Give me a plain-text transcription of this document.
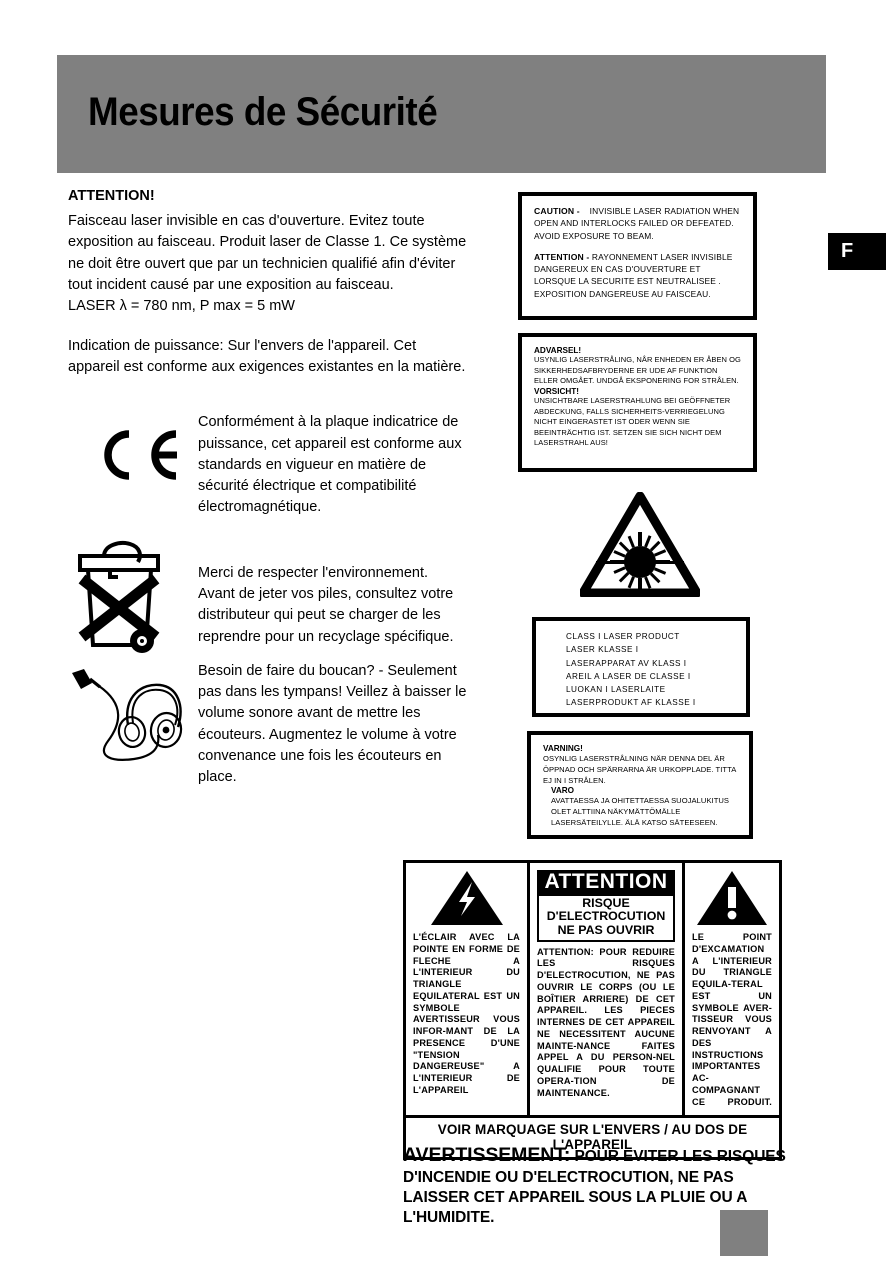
Mesures de Sécurité
F
ATTENTION!

Faisceau laser invisible en cas d'ouverture. Evitez toute exposition au faisceau. Produit laser de Classe 1. Ce système ne doit être ouvert que par un technicien qualifié afin d'éviter tout incident causé par une exposition au faisceau.

LASER λ = 780 nm, P max = 5 mW

Indication de puissance: Sur l'envers de l'appareil. Cet appareil est conforme aux exigences existantes en la matière.

Conformément à la plaque indicatrice de puissance, cet appareil est conforme aux standards en vigueur en matière de sécurité électrique et compatibilité électromagnétique.
Merci de respecter l'environnement. Avant de jeter vos piles, consultez votre distributeur qui peut se charger de les reprendre pour un recyclage spécifique.
Besoin de faire du boucan? - Seulement pas dans les tympans! Veillez à baisser le volume sonore avant de mettre les écouteurs. Augmentez le volume à votre convenance une fois les écouteurs en place.
CAUTION - INVISIBLE LASER RADIATION WHEN OPEN AND INTERLOCKS FAILED OR DEFEATED. AVOID EXPOSURE TO BEAM.
ATTENTION - RAYONNEMENT LASER INVISIBLE DANGEREUX EN CAS D'OUVERTURE ET LORSQUE LA SECURITE EST NEUTRALISEE . EXPOSITION DANGEREUSE AU FAISCEAU.
ADVARSEL!
USYNLIG LASERSTRÅLING, NÅR ENHEDEN ER ÅBEN OG SIKKERHEDSAFBRYDERNE ER UDE AF FUNKTION ELLER OMGÅET. UNDGÅ EKSPONERING FOR STRÅLEN.
VORSICHT!
UNSICHTBARE LASERSTRAHLUNG BEI GEÖFFNETER ABDECKUNG, FALLS SICHERHEITS-VERRIEGELUNG NICHT EINGERASTET IST ODER WENN SIE BEEINTRÄCHTIG IST. SETZEN SIE SICH NICHT DEM LASERSTRAHL AUS!
CLASS I LASER PRODUCT
LASER KLASSE I
LASERAPPARAT AV KLASS I
AREIL A LASER DE CLASSE I
LUOKAN I LASERLAITE
LASERPRODUKT AF KLASSE I
VARNING!
OSYNLIG LASERSTRÅLNING NÄR DENNA DEL ÄR ÖPPNAD OCH SPÄRRARNA ÄR URKOPPLADE. TITTA EJ IN I STRÅLEN.
VARO
AVATTAESSA JA OHITETTAESSA SUOJALUKITUS OLET ALTTIINA NÄKYMÄTTÖMÄLLE LASERSÄTEILYLLE. ÄLÄ KATSO SÄTEESEEN.
L'ÉCLAIR AVEC LA POINTE EN FORME DE FLECHE A L'INTERIEUR DU TRIANGLE EQUILATERAL EST UN SYMBOLE AVERTISSEUR VOUS INFOR-MANT DE LA PRESENCE D'UNE "TENSION DANGEREUSE" A L'INTERIEUR DE L'APPAREIL
ATTENTION
RISQUE D'ELECTROCUTION
NE PAS OUVRIR
ATTENTION: POUR REDUIRE LES RISQUES D'ELECTROCUTION, NE PAS OUVRIR LE CORPS (OU LE BOÎTIER ARRIERE) DE CET APPAREIL. LES PIECES INTERNES DE CET APPAREIL NE NECESSITENT AUCUNE MAINTE-NANCE FAITES APPEL A DU PERSON-NEL QUALIFIE POUR TOUTE OPERA-TION DE MAINTENANCE.
LE POINT D'EXCAMATION A L'INTERIEUR DU TRIANGLE EQUILA-TERAL EST UN SYMBOLE AVER-TISSEUR VOUS RENVOYANT A DES INSTRUCTIONS IMPORTANTES AC-COMPAGNANT CE PRODUIT.
VOIR MARQUAGE SUR L'ENVERS / AU DOS DE L'APPAREIL
AVERTISSEMENT: POUR EVITER LES RISQUES D'INCENDIE OU D'ELECTROCUTION, NE PAS LAISSER CET APPAREIL SOUS LA PLUIE OU A L'HUMIDITE.
